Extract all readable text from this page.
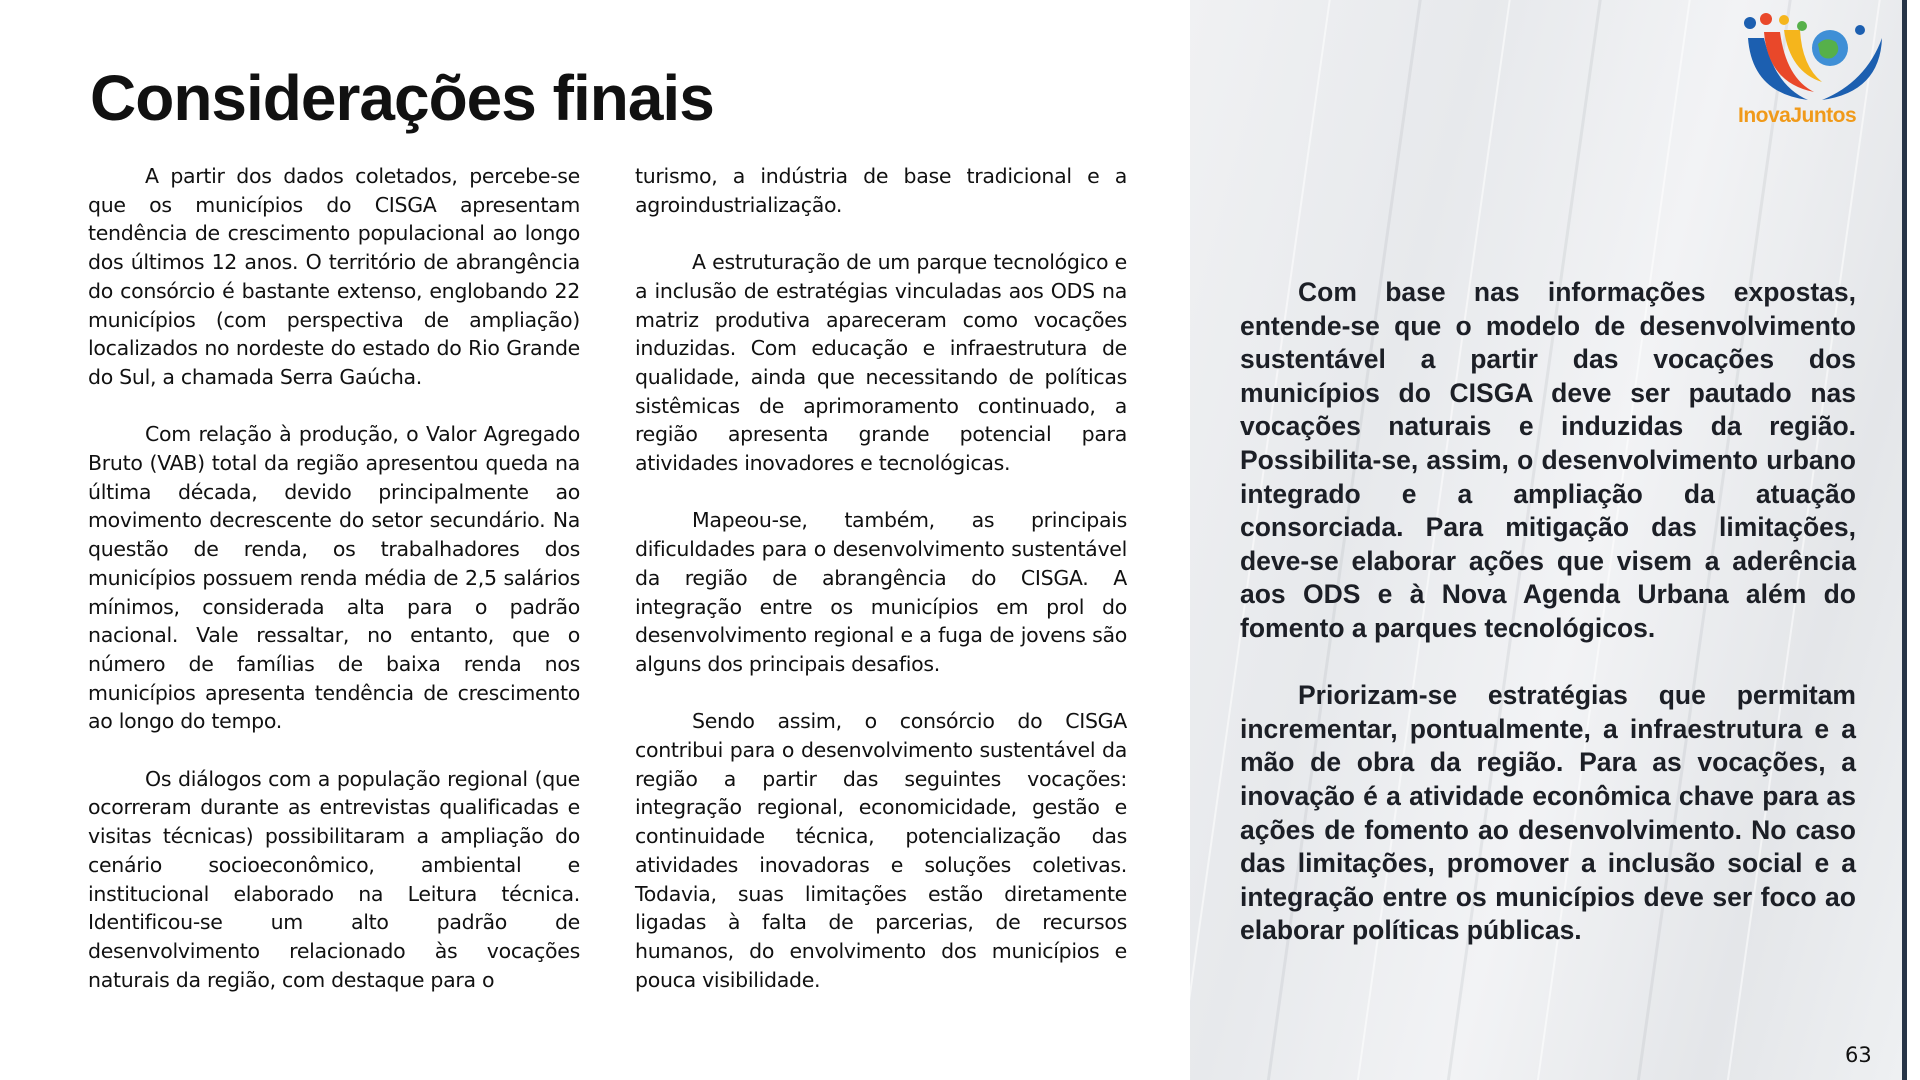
Considerações finais

A partir dos dados coletados, percebe-se que os municípios do CISGA apresentam tendência de crescimento populacional ao longo dos últimos 12 anos. O território de abrangência do consórcio é bastante extenso, englobando 22 municípios (com perspectiva de ampliação) localizados no nordeste do estado do Rio Grande do Sul, a chamada Serra Gaúcha.

Com relação à produção, o Valor Agregado Bruto (VAB) total da região apresentou queda na última década, devido principalmente ao movimento decrescente do setor secundário. Na questão de renda, os trabalhadores dos municípios possuem renda média de 2,5 salários mínimos, considerada alta para o padrão nacional. Vale ressaltar, no entanto, que o número de famílias de baixa renda nos municípios apresenta tendência de crescimento ao longo do tempo.

Os diálogos com a população regional (que ocorreram durante as entrevistas qualificadas e visitas técnicas) possibilitaram a ampliação do cenário socioeconômico, ambiental e institucional elaborado na Leitura técnica. Identificou-se um alto padrão de desenvolvimento relacionado às vocações naturais da região, com destaque para o

turismo, a indústria de base tradicional e a agroindustrialização.

A estruturação de um parque tecnológico e a inclusão de estratégias vinculadas aos ODS na matriz produtiva apareceram como vocações induzidas. Com educação e infraestrutura de qualidade, ainda que necessitando de políticas sistêmicas de aprimoramento continuado, a região apresenta grande potencial para atividades inovadores e tecnológicas.

Mapeou-se, também, as principais dificuldades para o desenvolvimento sustentável da região de abrangência do CISGA. A integração entre os municípios em prol do desenvolvimento regional e a fuga de jovens são alguns dos principais desafios.

Sendo assim, o consórcio do CISGA contribui para o desenvolvimento sustentável da região a partir das seguintes vocações: integração regional, economicidade, gestão e continuidade técnica, potencialização das atividades inovadoras e soluções coletivas. Todavia, suas limitações estão diretamente ligadas à falta de parcerias, de recursos humanos, do envolvimento dos municípios e pouca visibilidade.

InovaJuntos

Com base nas informações expostas, entende-se que o modelo de desenvolvimento sustentável a partir das vocações dos municípios do CISGA deve ser pautado nas vocações naturais e induzidas da região. Possibilita-se, assim, o desenvolvimento urbano integrado e a ampliação da atuação consorciada. Para mitigação das limitações, deve-se elaborar ações que visem a aderência aos ODS e à Nova Agenda Urbana além do fomento a parques tecnológicos.

Priorizam-se estratégias que permitam incrementar, pontualmente, a infraestrutura e a mão de obra da região. Para as vocações, a inovação é a atividade econômica chave para as ações de fomento ao desenvolvimento. No caso das limitações, promover a inclusão social e a integração entre os municípios deve ser foco ao elaborar políticas públicas.

63
